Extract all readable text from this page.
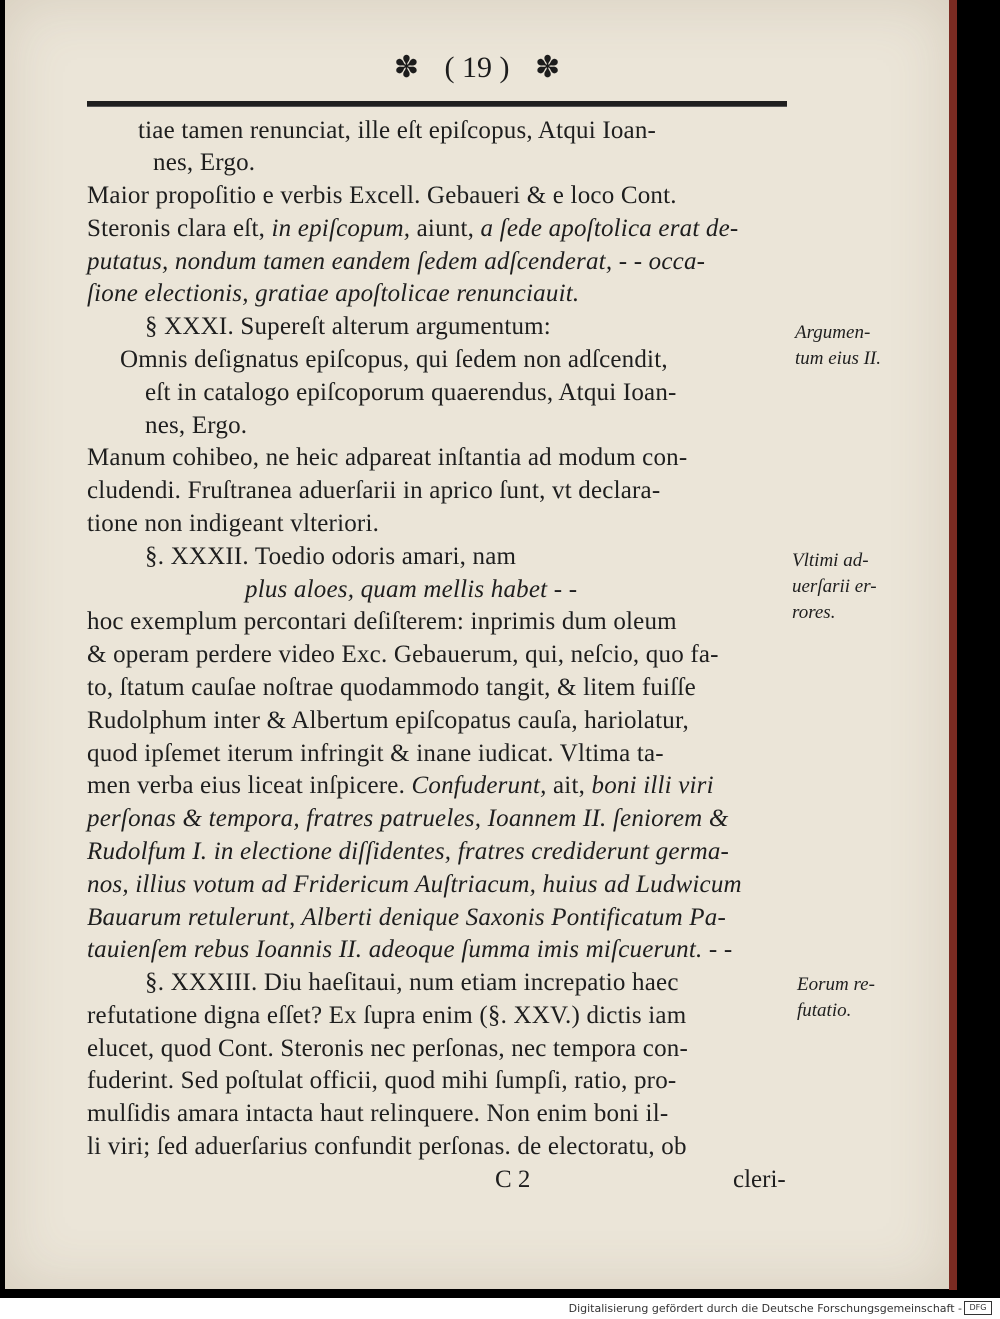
✽ ( 19 ) ✽
tiae tamen renunciat, ille eſt epiſcopus, Atqui Ioan-
nes, Ergo.
Maior propoſitio e verbis Excell. Gebaueri & e loco Cont.
Steronis clara eſt, in epiſcopum, aiunt, a ſede apoſtolica erat de-
putatus, nondum tamen eandem ſedem adſcenderat, - - occa-
ſione electionis, gratiae apoſtolicae renunciauit.
§ XXXI. Supereſt alterum argumentum:
Omnis deſignatus epiſcopus, qui ſedem non adſcendit,
eſt in catalogo epiſcoporum quaerendus, Atqui Ioan-
nes, Ergo.
Manum cohibeo, ne heic adpareat inſtantia ad modum con-
cludendi. Fruſtranea aduerſarii in aprico ſunt, vt declara-
tione non indigeant vlteriori.
§. XXXII. Toedio odoris amari, nam
plus aloes, quam mellis habet - -
hoc exemplum percontari deſiſterem: inprimis dum oleum
& operam perdere video Exc. Gebauerum, qui, neſcio, quo fa-
to, ſtatum cauſae noſtrae quodammodo tangit, & litem fuiſſe
Rudolphum inter & Albertum epiſcopatus cauſa, hariolatur,
quod ipſemet iterum infringit & inane iudicat. Vltima ta-
men verba eius liceat inſpicere. Confuderunt, ait, boni illi viri
perſonas & tempora, fratres patrueles, Ioannem II. ſeniorem &
Rudolfum I. in electione diſſidentes, fratres crediderunt germa-
nos, illius votum ad Fridericum Auſtriacum, huius ad Ludwicum
Bauarum retulerunt, Alberti denique Saxonis Pontificatum Pa-
tauienſem rebus Ioannis II. adeoque ſumma imis miſcuerunt. - -
§. XXXIII. Diu haeſitaui, num etiam increpatio haec
refutatione digna eſſet? Ex ſupra enim (§. XXV.) dictis iam
elucet, quod Cont. Steronis nec perſonas, nec tempora con-
fuderint. Sed poſtulat officii, quod mihi ſumpſi, ratio, pro-
mulſidis amara intacta haut relinquere. Non enim boni il-
li viri; ſed aduerſarius confundit perſonas. de electoratu, ob
Argumen-
tum eius II.
Vltimi ad-
uerſarii er-
rores.
Eorum re-
futatio.
C 2	cleri-
Digitalisierung gefördert durch die Deutsche Forschungsgemeinschaft - DFG
